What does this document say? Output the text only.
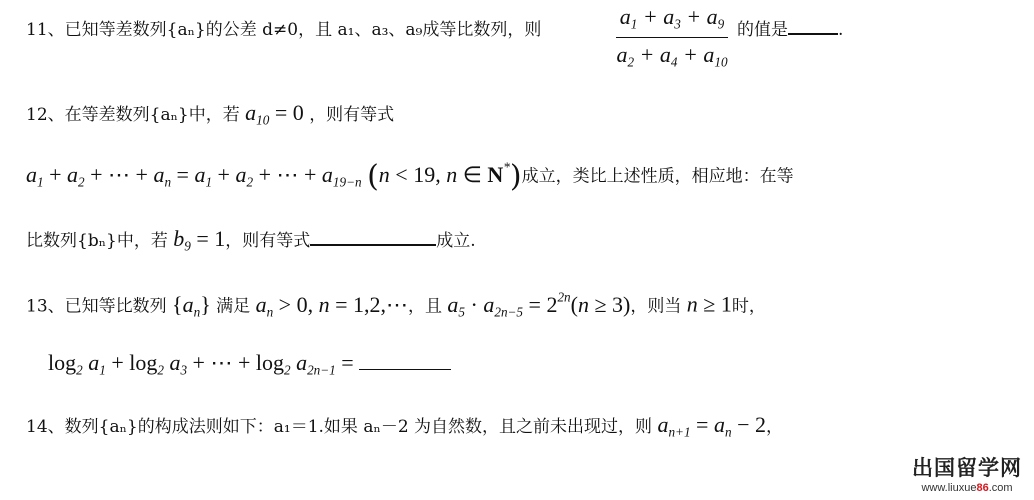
11、已知等差数列{aₙ}的公差 d≠0，且 a₁、a₃、a₉成等比数列，则
$a_1 + a_3 + a_9$
$a_2 + a_4 + a_{10}$
的值是	.
12、在等差数列{aₙ}中，若 $a_{10} = 0$ ，则有等式
$a_1 + a_2$ + ⋯ + $a_n = a_1 + a_2$ + ⋯ + $a_{19-n}$ (n < 19, n ∈ N*)成立，类比上述性质，相应地：在等
比数列{bₙ}中，若 $b_9 = 1$，则有等式	成立.
13、已知等比数列 $\{a_n\}$ 满足 $a_n > 0$, n = 1,2,⋯，且 $a_5 \cdot a_{2n-5} = 2^{2n}(n \ge 3)$，则当 n ≥ 1时，
$\log_2 a_1 + \log_2 a_3$ + ⋯ + $\log_2 a_{2n-1}$ =
14、数列{aₙ}的构成法则如下：a₁＝1.如果 aₙ－2 为自然数，且之前未出现过，则 $a_{n+1} = a_n - 2$，
出国留学网
www.liuxue86.com
